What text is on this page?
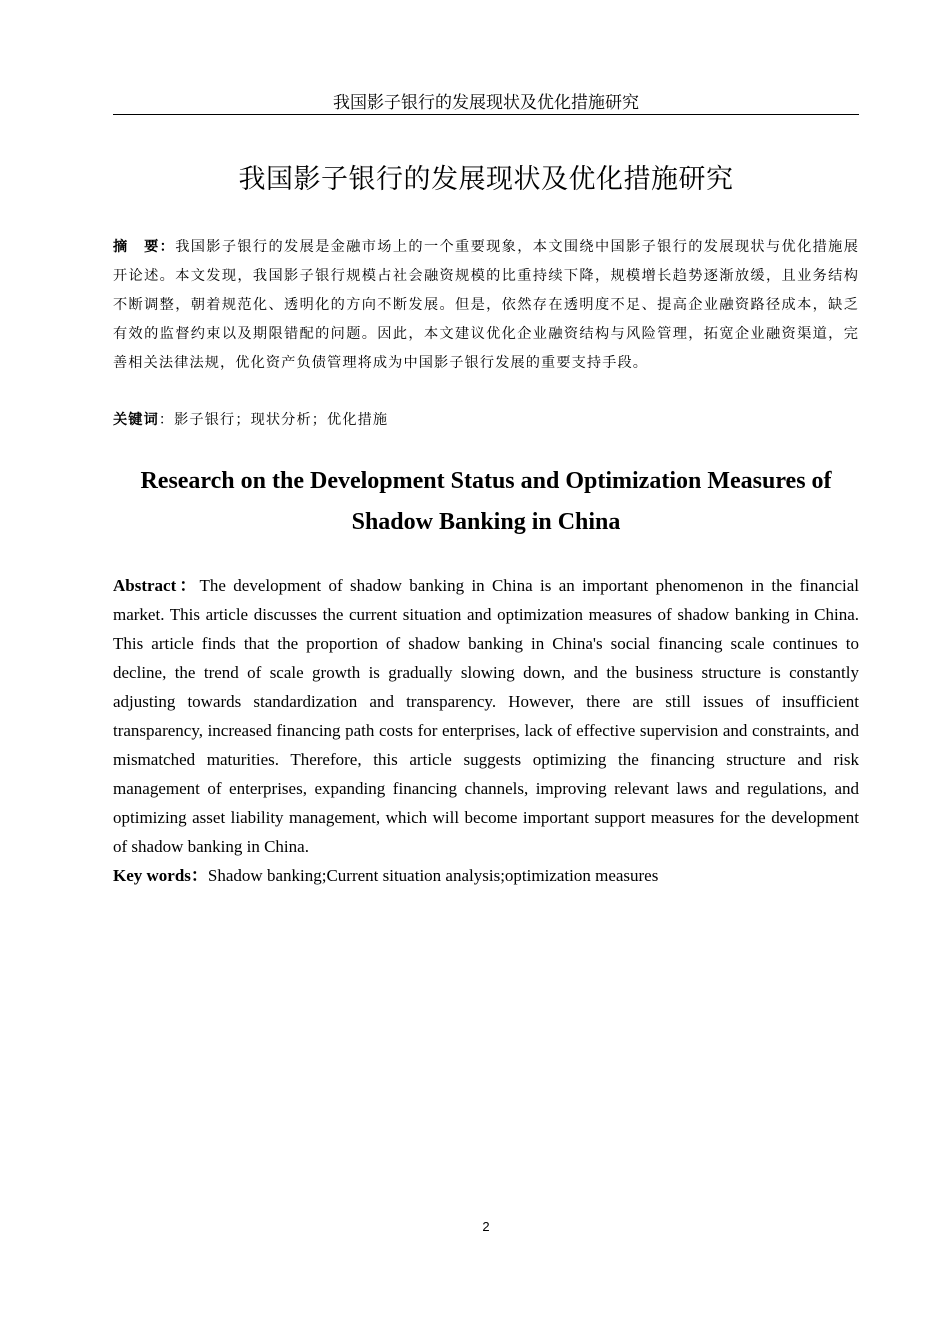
我国影子银行的发展现状及优化措施研究
我国影子银行的发展现状及优化措施研究
摘　要：我国影子银行的发展是金融市场上的一个重要现象，本文围绕中国影子银行的发展现状与优化措施展开论述。本文发现，我国影子银行规模占社会融资规模的比重持续下降，规模增长趋势逐渐放缓，且业务结构不断调整，朝着规范化、透明化的方向不断发展。但是，依然存在透明度不足、提高企业融资路径成本，缺乏有效的监督约束以及期限错配的问题。因此，本文建议优化企业融资结构与风险管理，拓宽企业融资渠道，完善相关法律法规，优化资产负债管理将成为中国影子银行发展的重要支持手段。
关键词：影子银行；现状分析；优化措施
Research on the Development Status and Optimization Measures of
Shadow Banking in China
Abstract：The development of shadow banking in China is an important phenomenon in the financial market. This article discusses the current situation and optimization measures of shadow banking in China. This article finds that the proportion of shadow banking in China's social financing scale continues to decline, the trend of scale growth is gradually slowing down, and the business structure is constantly adjusting towards standardization and transparency. However, there are still issues of insufficient transparency, increased financing path costs for enterprises, lack of effective supervision and constraints, and mismatched maturities. Therefore, this article suggests optimizing the financing structure and risk management of enterprises, expanding financing channels, improving relevant laws and regulations, and optimizing asset liability management, which will become important support measures for the development of shadow banking in China.
Key words：Shadow banking;Current situation analysis;optimization measures
2
